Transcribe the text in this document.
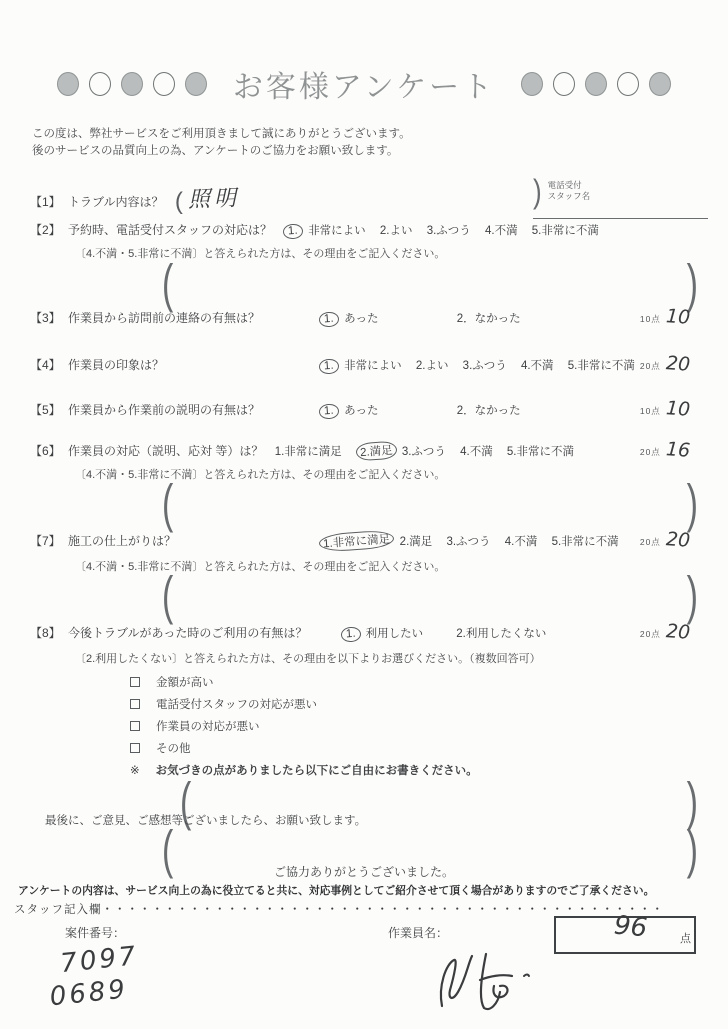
お客様アンケート
この度は、弊社サービスをご利用頂きまして誠にありがとうございます。
後のサービスの品質向上の為、アンケートのご協力をお願い致します。
) 電話受付
スタッフ名
【1】 トラブル内容は？ ( 照明
【2】 予約時、電話受付スタッフの対応は？ 1. 非常によい 2.よい 3.ふつう 4.不満 5.非常に不満
〔4.不満・5.非常に不満〕と答えられた方は、その理由をご記入ください。
(	)
【3】 作業員から訪問前の連絡の有無は？	1. あった	2．なかった	10点 10
【4】 作業員の印象は？	1. 非常によい 2.よい 3.ふつう 4.不満 5.非常に不満 20点 20
【5】 作業員から作業前の説明の有無は？	1. あった	2．なかった	10点 10
【6】 作業員の対応（説明、応対 等）は？ 1.非常に満足 2.満足 3.ふつう 4.不満 5.非常に不満	20点 16
〔4.不満・5.非常に不満〕と答えられた方は、その理由をご記入ください。
(	)
【7】 施工の仕上がりは？	1.非常に満足 2.満足 3.ふつう 4.不満 5.非常に不満 20点 20
〔4.不満・5.非常に不満〕と答えられた方は、その理由をご記入ください。
(	)
【8】 今後トラブルがあった時のご利用の有無は？	1. 利用したい	2.利用したくない	20点 20
〔2.利用したくない〕と答えられた方は、その理由を以下よりお選びください。（複数回答可）
金額が高い
電話受付スタッフの対応が悪い
作業員の対応が悪い
その他
※ お気づきの点がありましたら以下にご自由にお書きください。
(	)
最後に、ご意見、ご感想等ございましたら、お願い致します。
(	)
ご協力ありがとうございました。
アンケートの内容は、サービス向上の為に役立てると共に、対応事例としてご紹介させて頂く場合がありますのでご了承ください。
スタッフ記入欄・・・・・・・・・・・・・・・・・・・・・・・・・・・・・・・・・・・・・・・・・・・・・
案件番号：	作業員名：	96	点
7097
0689
